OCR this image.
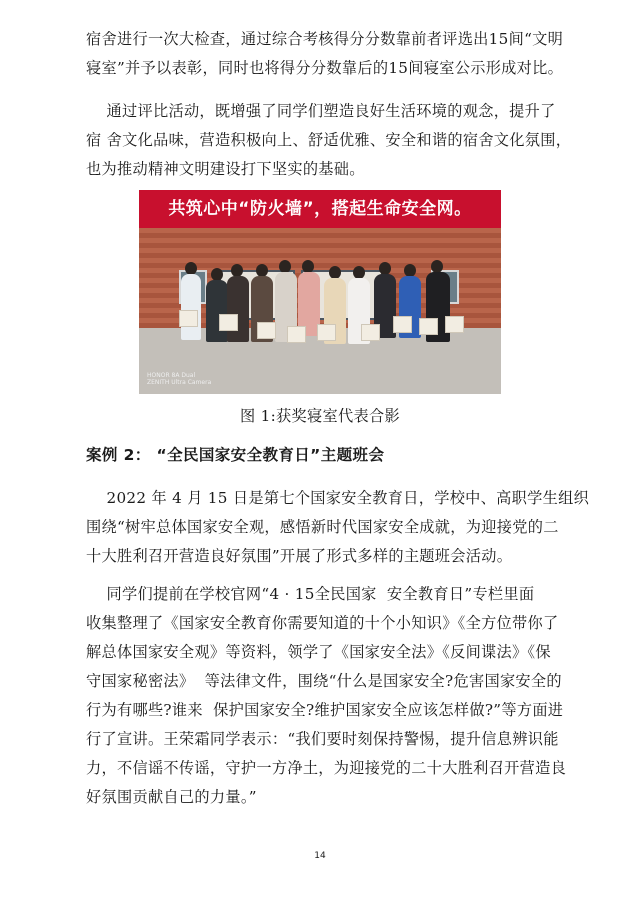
宿舍进行一次大检查，通过综合考核得分分数靠前者评选出15间“文明
寝室”并予以表彰，同时也将得分分数靠后的15间寝室公示形成对比。
通过评比活动，既增强了同学们塑造良好生活环境的观念，提升了
宿 舍文化品味，营造积极向上、舒适优雅、安全和谐的宿舍文化氛围，
也为推动精神文明建设打下坚实的基础。
共筑心中“防火墙”，搭起生命安全网。
HONOR 8A Dual
ZENITH Ultra Camera
图 1:获奖寝室代表合影
案例 2： “全民国家安全教育日”主题班会
2022 年 4 月 15 日是第七个国家安全教育日，学校中、高职学生组织
围绕“树牢总体国家安全观，感悟新时代国家安全成就，为迎接党的二
十大胜利召开营造良好氛围”开展了形式多样的主题班会活动。
同学们提前在学校官网“4 · 15全民国家  安全教育日”专栏里面
收集整理了《国家安全教育你需要知道的十个小知识》《全方位带你了
解总体国家安全观》等资料，领学了《国家安全法》《反间谍法》《保
守国家秘密法》  等法律文件，围绕“什么是国家安全?危害国家安全的
行为有哪些?谁来  保护国家安全?维护国家安全应该怎样做?”等方面进
行了宣讲。王荣霜同学表示：“我们要时刻保持警惕，提升信息辨识能
力，不信谣不传谣，守护一方净土，为迎接党的二十大胜利召开营造良
好氛围贡献自己的力量。”
14
